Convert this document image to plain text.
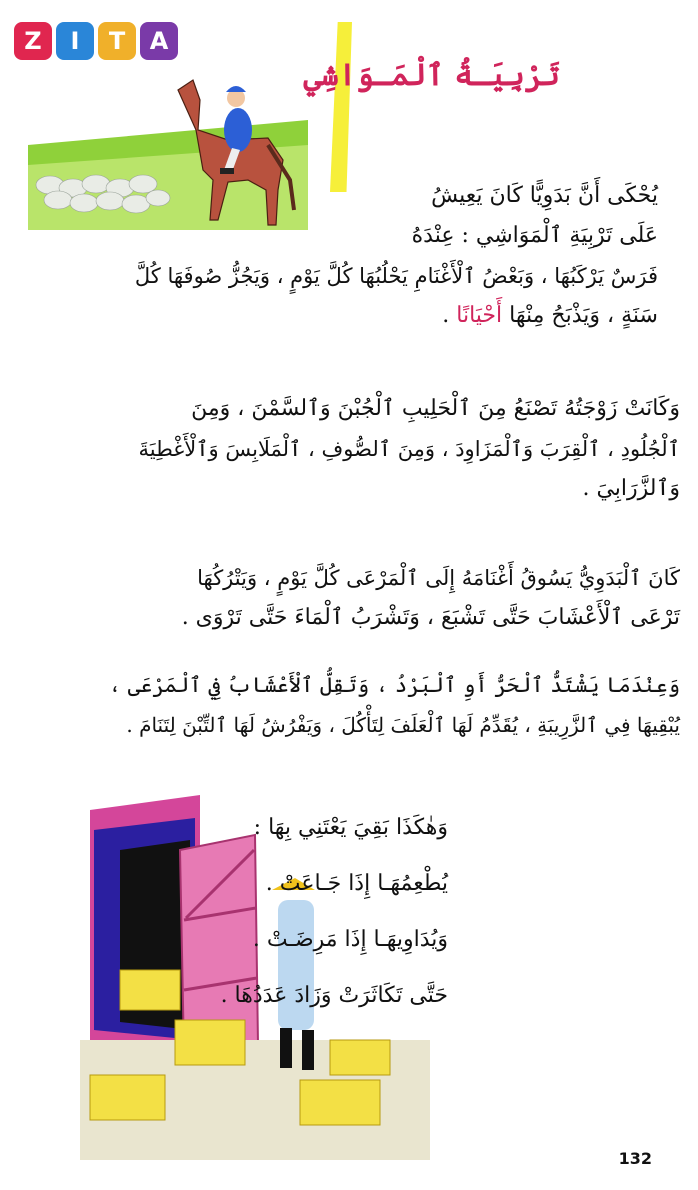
Z	I	T	A
تَرْبِيَـةُ ٱلْمَـوَاشِي
يُحْكَى أَنَّ بَدَوِيًّا كَانَ يَعِيشُ
عَلَى تَرْبِيَةِ ٱلْمَوَاشِي : عِنْدَهُ
فَرَسٌ يَرْكَبُهَا ، وَبَعْضُ ٱلْأَغْنَامِ يَحْلُبُهَا كُلَّ يَوْمٍ ، وَيَجُزُّ صُوفَهَا كُلَّ
سَنَةٍ ، وَيَذْبَحُ مِنْهَا أَحْيَانًا .
وَكَانَتْ زَوْجَتُهُ تَصْنَعُ مِنَ ٱلْحَلِيبِ ٱلْجُبْنَ وَٱلسَّمْنَ ، وَمِنَ
ٱلْجُلُودِ ، ٱلْقِرَبَ وَٱلْمَزَاوِدَ ، وَمِنَ ٱلصُّوفِ ، ٱلْمَلَابِسَ وَٱلْأَغْطِيَةَ
وَٱلزَّرَابِيَ .
كَانَ ٱلْبَدَوِيُّ يَسُوقُ أَغْنَامَهُ إِلَى ٱلْمَرْعَى كُلَّ يَوْمٍ ، وَيَتْرُكُهَا
تَرْعَى ٱلْأَعْشَابَ حَتَّى تَشْبَعَ ، وَتَشْرَبُ ٱلْمَاءَ حَتَّى تَرْوَى .
وَعِنْدَمَا يَشْتَدُّ ٱلْحَرُّ أَوِ ٱلْبَرْدُ ، وَتَقِلُّ ٱلْأَعْشَابُ فِي ٱلْمَرْعَى ،
يُبْقِيهَا فِي ٱلزَّرِيبَةِ ، يُقَدِّمُ لَهَا ٱلْعَلَفَ لِتَأْكُلَ ، وَيَفْرُشُ لَهَا ٱلتِّبْنَ لِتَنَامَ .
وَهٰكَذَا بَقِيَ يَعْتَنِي بِهَا :
يُطْعِمُهَـا إِذَا جَـاعَتْ .
وَيُدَاوِيهَـا إِذَا مَرِضَـتْ .
حَتَّى تَكَاثَرَتْ وَزَادَ عَدَدُهَا .
132
